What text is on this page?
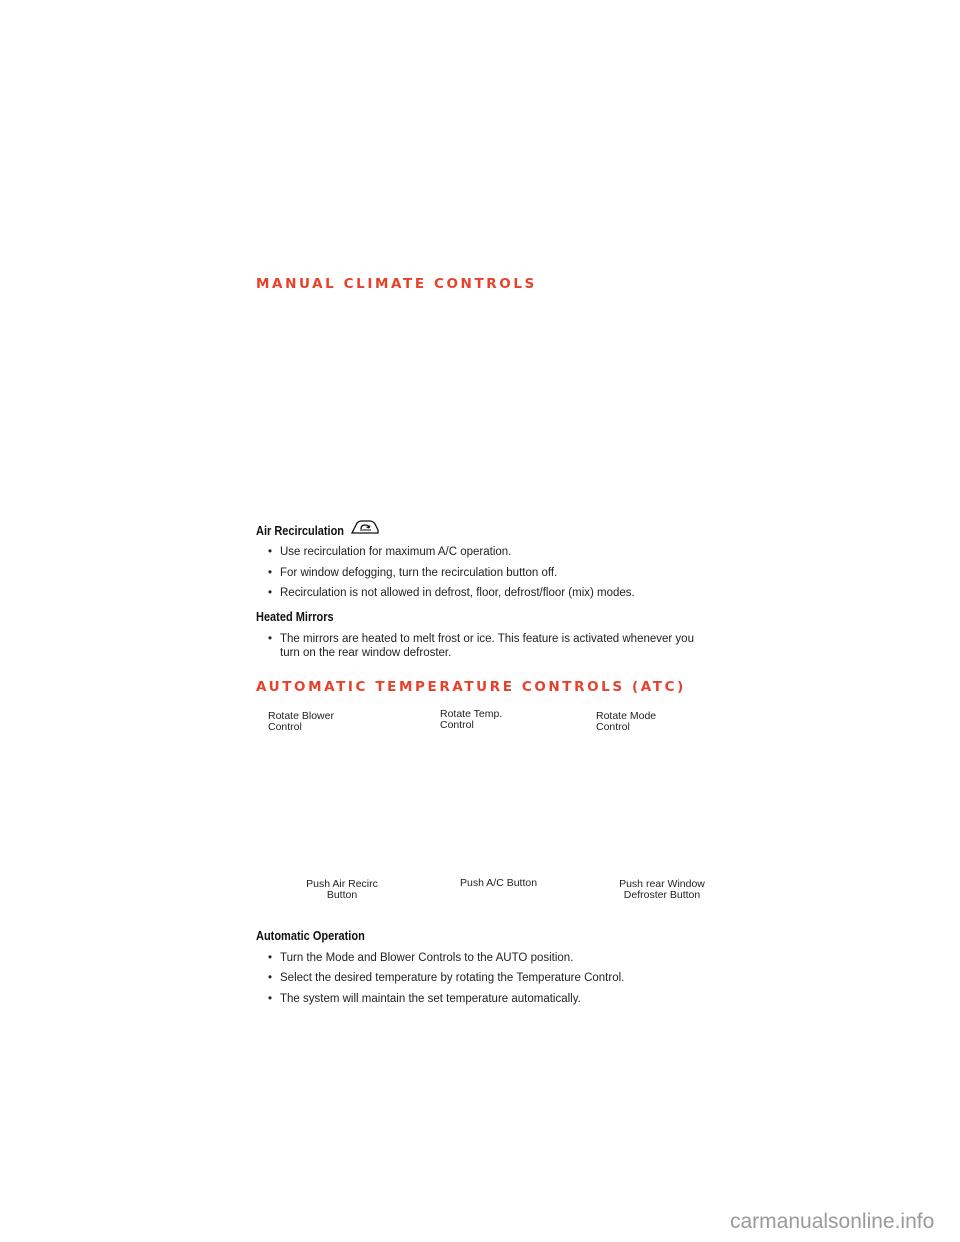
MANUAL CLIMATE CONTROLS
Air Recirculation
• Use recirculation for maximum A/C operation.
• For window defogging, turn the recirculation button off.
• Recirculation is not allowed in defrost, floor, defrost/floor (mix) modes.
Heated Mirrors
• The mirrors are heated to melt frost or ice. This feature is activated whenever you
turn on the rear window defroster.
AUTOMATIC TEMPERATURE CONTROLS (ATC)
Rotate Blower
Control
Rotate Temp.
Control
Rotate Mode
Control
Push Air Recirc
Button
Push A/C Button	Push rear Window
Defroster Button
Automatic Operation
• Turn the Mode and Blower Controls to the AUTO position.
• Select the desired temperature by rotating the Temperature Control.
• The system will maintain the set temperature automatically.
carmanualsonline.info
